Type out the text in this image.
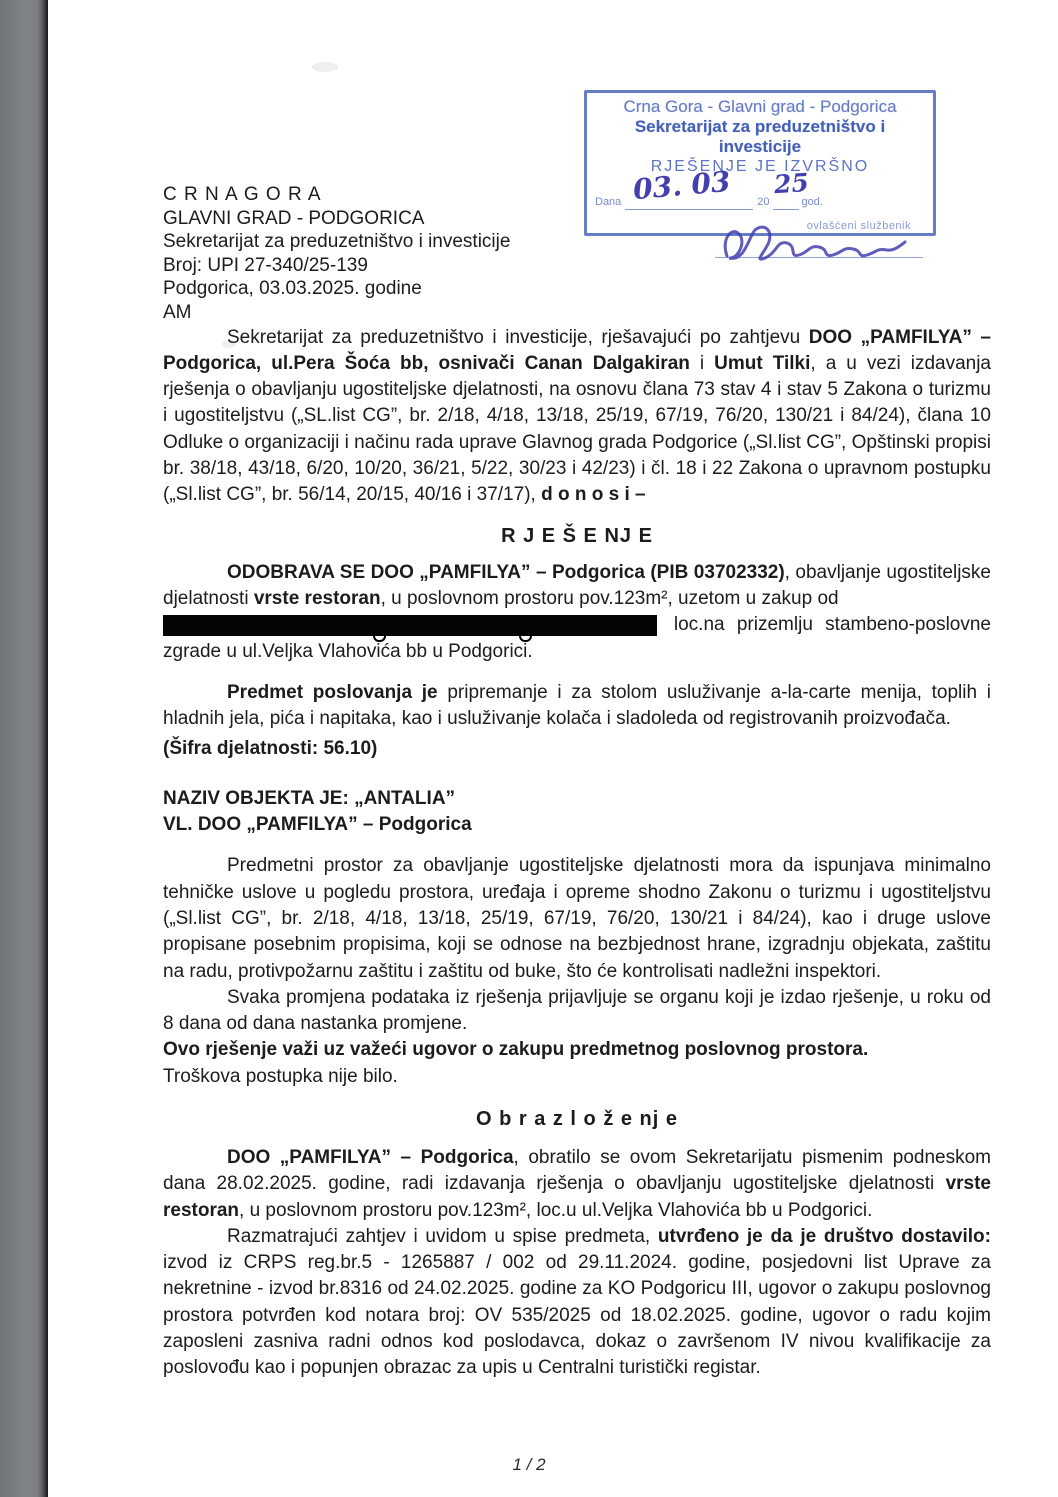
Crna Gora - Glavni grad - Podgorica
Sekretarijat za preduzetništvo i investicije
RJEŠENJE JE IZVRŠNO
Dana 03. 03 20
25
god.
ovlašćeni službenik
C R N A G O R A
GLAVNI GRAD - PODGORICA
Sekretarijat za preduzetništvo i investicije
Broj: UPI 27-340/25-139
Podgorica, 03.03.2025. godine
AM

Sekretarijat za preduzetništvo i investicije, rješavajući po zahtjevu DOO „PAMFILYA” – Podgorica, ul.Pera Šoća bb, osnivači Canan Dalgakiran i Umut Tilki, a u vezi izdavanja rješenja o obavljanju ugostiteljske djelatnosti, na osnovu člana 73 stav 4 i stav 5 Zakona o turizmu i ugostiteljstvu („SL.list CG”, br. 2/18, 4/18, 13/18, 25/19, 67/19, 76/20, 130/21 i 84/24), člana 10 Odluke o organizaciji i načinu rada uprave Glavnog grada Podgorice („Sl.list CG”, Opštinski propisi br. 38/18, 43/18, 6/20, 10/20, 36/21, 5/22, 30/23 i 42/23) i čl. 18 i 22 Zakona o upravnom postupku („Sl.list CG”, br. 56/14, 20/15, 40/16 i 37/17), d o n o s i –

R J E Š E NJ E

ODOBRAVA SE DOO „PAMFILYA” – Podgorica (PIB 03702332), obavljanje ugostiteljske djelatnosti vrste restoran, u poslovnom prostoru pov.123m², uzetom u zakup od

loc.na prizemlju stambeno-poslovne

zgrade u ul.Veljka Vlahovića bb u Podgorici.

Predmet poslovanja je pripremanje i za stolom usluživanje a-la-carte menija, toplih i hladnih jela, pića i napitaka, kao i usluživanje kolača i sladoleda od registrovanih proizvođača.

(Šifra djelatnosti: 56.10)

NAZIV OBJEKTA JE: „ANTALIA”

VL. DOO „PAMFILYA” – Podgorica

Predmetni prostor za obavljanje ugostiteljske djelatnosti mora da ispunjava minimalno tehničke uslove u pogledu prostora, uređaja i opreme shodno Zakonu o turizmu i ugostiteljstvu („Sl.list CG”, br. 2/18, 4/18, 13/18, 25/19, 67/19, 76/20, 130/21 i 84/24), kao i druge uslove propisane posebnim propisima, koji se odnose na bezbjednost hrane, izgradnju objekata, zaštitu na radu, protivpožarnu zaštitu i zaštitu od buke, što će kontrolisati nadležni inspektori.

Svaka promjena podataka iz rješenja prijavljuje se organu koji je izdao rješenje, u roku od 8 dana od dana nastanka promjene.

Ovo rješenje važi uz važeći ugovor o zakupu predmetnog poslovnog prostora.

Troškova postupka nije bilo.

O b r a z l o ž e nj e

DOO „PAMFILYA” – Podgorica, obratilo se ovom Sekretarijatu pismenim podneskom dana 28.02.2025. godine, radi izdavanja rješenja o obavljanju ugostiteljske djelatnosti vrste restoran, u poslovnom prostoru pov.123m², loc.u ul.Veljka Vlahovića bb u Podgorici.

Razmatrajući zahtjev i uvidom u spise predmeta, utvrđeno je da je društvo dostavilo: izvod iz CRPS reg.br.5 - 1265887 / 002 od 29.11.2024. godine, posjedovni list Uprave za nekretnine - izvod br.8316 od 24.02.2025. godine za KO Podgoricu III, ugovor o zakupu poslovnog prostora potvrđen kod notara broj: OV 535/2025 od 18.02.2025. godine, ugovor o radu kojim zaposleni zasniva radni odnos kod poslodavca, dokaz o završenom IV nivou kvalifikacije za poslovođu kao i popunjen obrazac za upis u Centralni turistički registar.

1 / 2
